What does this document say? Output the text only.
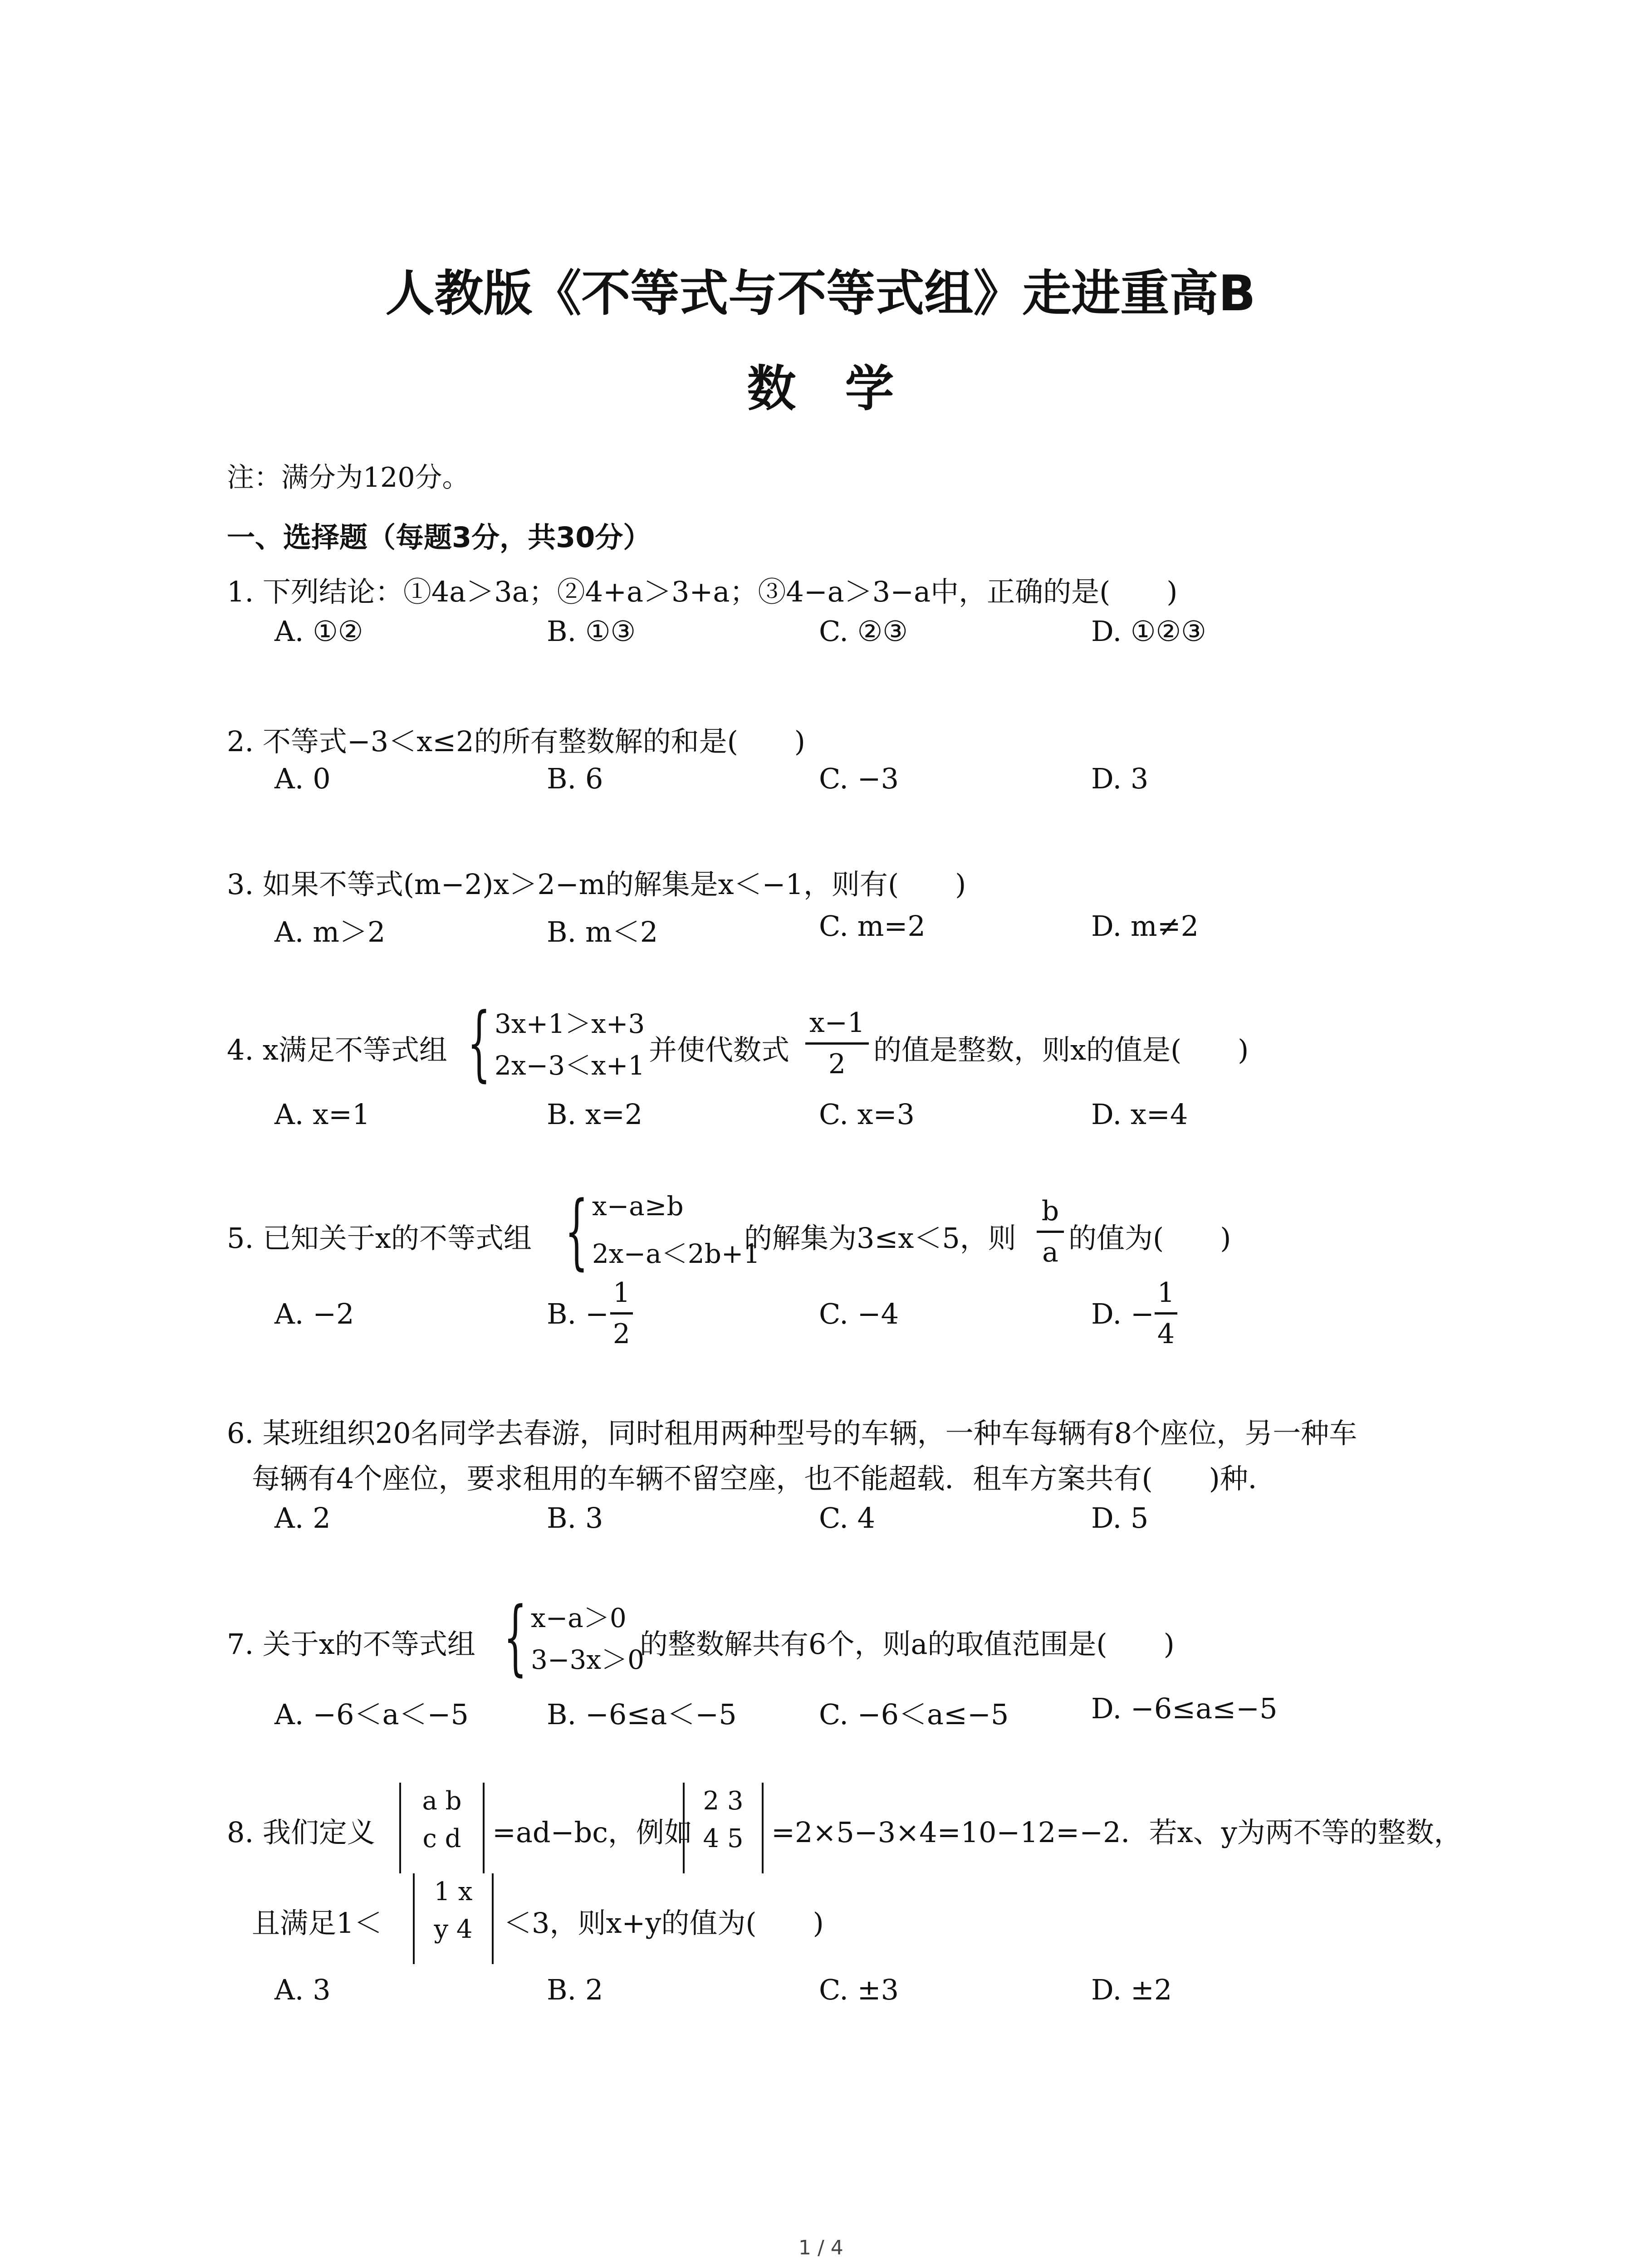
人教版《不等式与不等式组》走进重高B
数　学
注：满分为120分。
一、选择题（每题3分，共30分）
1. 下列结论：①4a＞3a；②4+a＞3+a；③4−a＞3−a中，正确的是(　　)
A. ①②	B. ①③	C. ②③	D. ①②③
2. 不等式−3＜x≤2的所有整数解的和是(　　)
A. 0	B. 6	C. −3	D. 3
3. 如果不等式(m−2)x＞2−m的解集是x＜−1，则有(　　)
A. m＞2	B. m＜2	C. m=2	D. m≠2
4. x满足不等式组 { 3x+1＞x+3
2x−3＜x+1 并使代数式
x−1
2 的值是整数，则x的值是(　　)
A. x=1	B. x=2	C. x=3	D. x=4
5. 已知关于x的不等式组 { x−a≥b
2x−a＜2b+1
的解集为3≤x＜5，则
b
a 的值为(　　)
A. −2	B. −
1
2
C. −4	D. −
1
4
6. 某班组织20名同学去春游，同时租用两种型号的车辆，一种车每辆有8个座位，另一种车
每辆有4个座位，要求租用的车辆不留空座，也不能超载．租车方案共有(　　)种．
A. 2	B. 3	C. 4	D. 5
7. 关于x的不等式组 { x−a＞0
3−3x＞0
的整数解共有6个，则a的取值范围是(　　)
A. −6＜a＜−5	B. −6≤a＜−5	C. −6＜a≤−5	D. −6≤a≤−5
8. 我们定义
a b
c d	=ad−bc，例如
2 3
4 5 =2×5−3×4=10−12=−2．若x、y为两不等的整数，
且满足1＜
1 x
y 4	＜3，则x+y的值为(　　)
A. 3	B. 2	C. ±3	D. ±2
1 / 4
